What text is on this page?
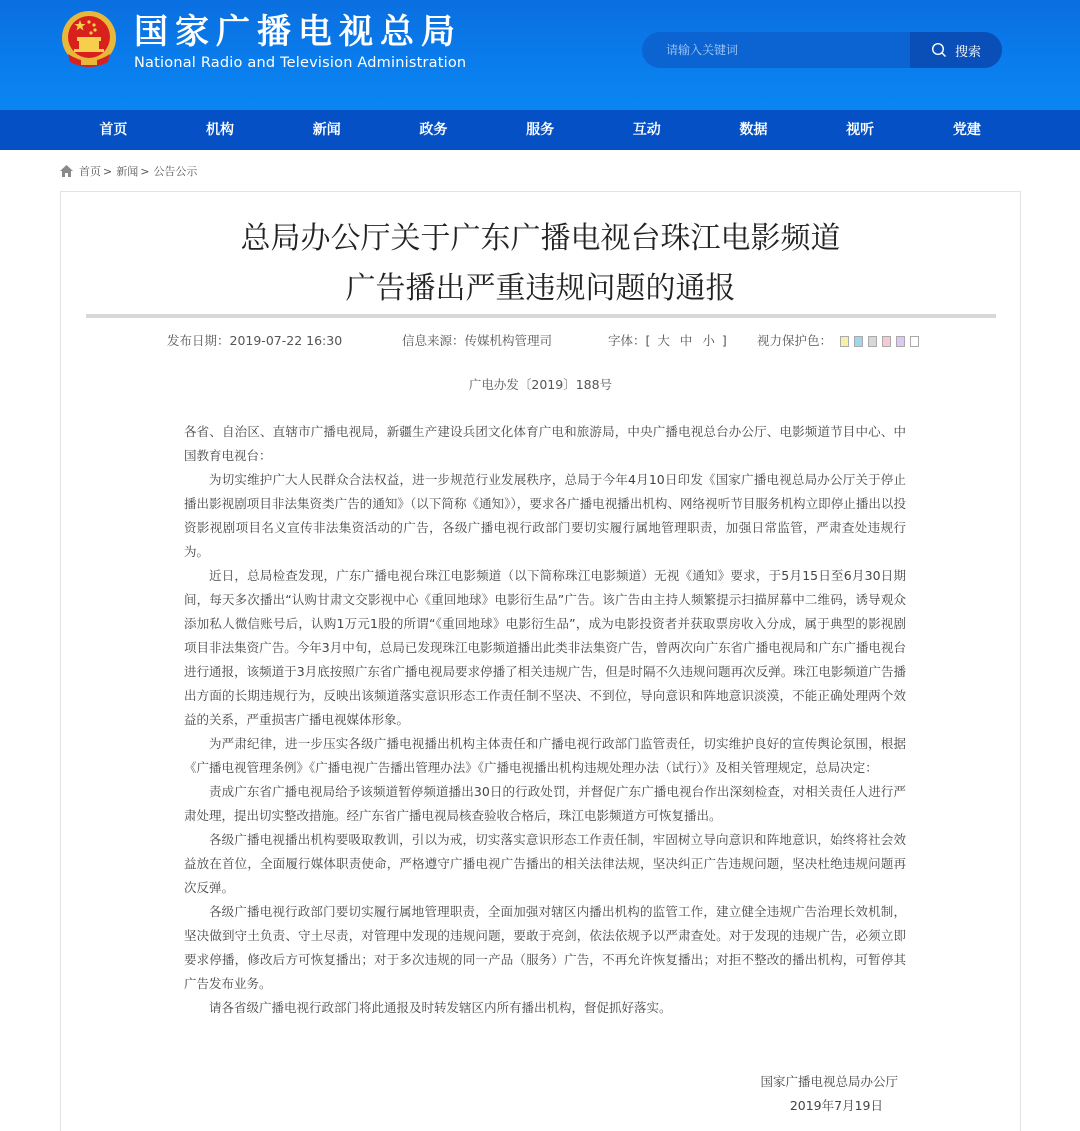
国家广播电视总局
National Radio and Television Administration
请输入关键词
搜索
首页	机构	新闻	政务	服务	互动	数据	视听	党建
首页 > 新闻 > 公告公示
总局办公厅关于广东广播电视台珠江电影频道
广告播出严重违规问题的通报
发布日期：2019-07-22 16:30	信息来源：传媒机构管理司	字体：[ 大 中 小 ] 视力保护色：
广电办发〔2019〕188号

各省、自治区、直辖市广播电视局，新疆生产建设兵团文化体育广电和旅游局，中央广播电视总台办公厅、电影频道节目中心、中国教育电视台：

为切实维护广大人民群众合法权益，进一步规范行业发展秩序，总局于今年4月10日印发《国家广播电视总局办公厅关于停止播出影视剧项目非法集资类广告的通知》（以下简称《通知》），要求各广播电视播出机构、网络视听节目服务机构立即停止播出以投资影视剧项目名义宣传非法集资活动的广告，各级广播电视行政部门要切实履行属地管理职责，加强日常监管，严肃查处违规行为。

近日，总局检查发现，广东广播电视台珠江电影频道（以下简称珠江电影频道）无视《通知》要求，于5月15日至6月30日期间，每天多次播出“认购甘肃文交影视中心《重回地球》电影衍生品”广告。该广告由主持人频繁提示扫描屏幕中二维码，诱导观众添加私人微信账号后，认购1万元1股的所谓“《重回地球》电影衍生品”，成为电影投资者并获取票房收入分成，属于典型的影视剧项目非法集资广告。今年3月中旬，总局已发现珠江电影频道播出此类非法集资广告，曾两次向广东省广播电视局和广东广播电视台进行通报，该频道于3月底按照广东省广播电视局要求停播了相关违规广告，但是时隔不久违规问题再次反弹。珠江电影频道广告播出方面的长期违规行为，反映出该频道落实意识形态工作责任制不坚决、不到位，导向意识和阵地意识淡漠，不能正确处理两个效益的关系，严重损害广播电视媒体形象。

为严肃纪律，进一步压实各级广播电视播出机构主体责任和广播电视行政部门监管责任，切实维护良好的宣传舆论氛围，根据《广播电视管理条例》《广播电视广告播出管理办法》《广播电视播出机构违规处理办法（试行）》及相关管理规定，总局决定：

责成广东省广播电视局给予该频道暂停频道播出30日的行政处罚，并督促广东广播电视台作出深刻检查，对相关责任人进行严肃处理，提出切实整改措施。经广东省广播电视局核查验收合格后，珠江电影频道方可恢复播出。

各级广播电视播出机构要吸取教训，引以为戒，切实落实意识形态工作责任制，牢固树立导向意识和阵地意识，始终将社会效益放在首位，全面履行媒体职责使命，严格遵守广播电视广告播出的相关法律法规，坚决纠正广告违规问题，坚决杜绝违规问题再次反弹。

各级广播电视行政部门要切实履行属地管理职责，全面加强对辖区内播出机构的监管工作，建立健全违规广告治理长效机制，坚决做到守土负责、守土尽责，对管理中发现的违规问题，要敢于亮剑，依法依规予以严肃查处。对于发现的违规广告，必须立即要求停播，修改后方可恢复播出；对于多次违规的同一产品（服务）广告，不再允许恢复播出；对拒不整改的播出机构，可暂停其广告发布业务。

请各省级广播电视行政部门将此通报及时转发辖区内所有播出机构，督促抓好落实。

国家广播电视总局办公厅
2019年7月19日
